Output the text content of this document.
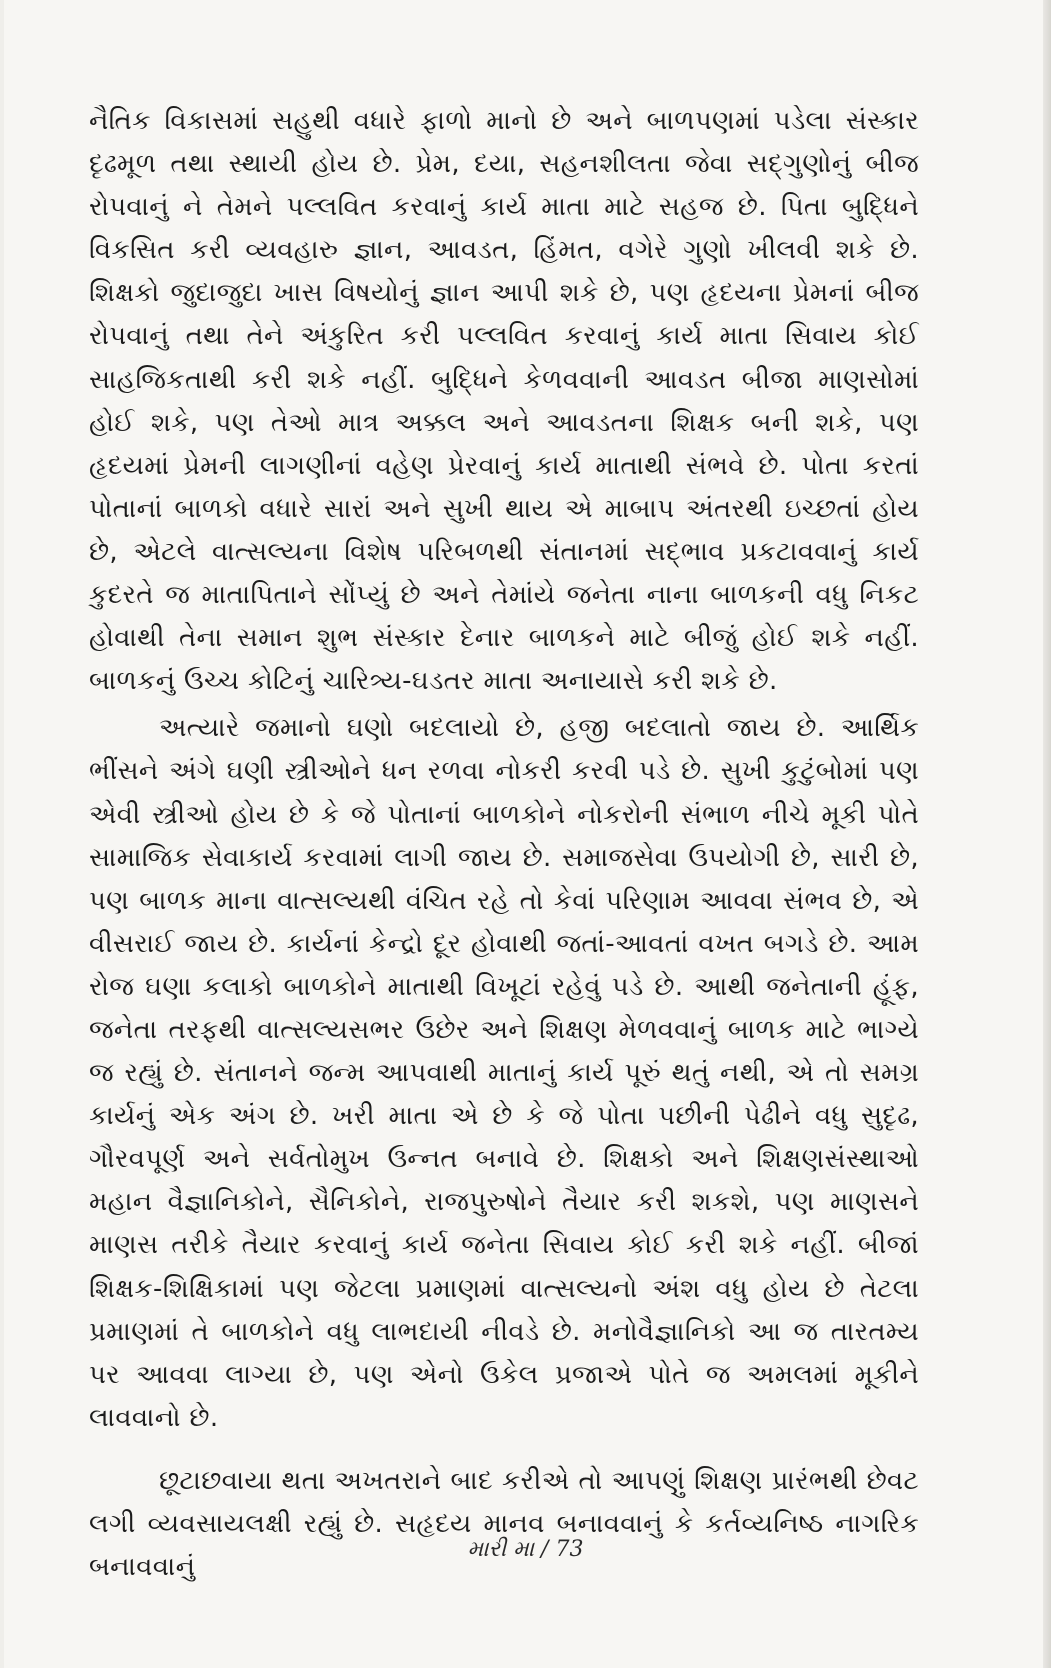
નૈતિક વિકાસમાં સહુથી વધારે ફાળો માનો છે અને બાળપણમાં પડેલા સંસ્કાર દૃઢમૂળ તથા સ્થાયી હોય છે. પ્રેમ, દયા, સહનશીલતા જેવા સદ્‌ગુણોનું બીજ રોપવાનું ને તેમને પલ્લવિત કરવાનું કાર્ય માતા માટે સહજ છે. પિતા બુદ્ધિને વિકસિત કરી વ્યવહારુ જ્ઞાન, આવડત, હિંમત, વગેરે ગુણો ખીલવી શકે છે. શિક્ષકો જુદાજુદા ખાસ વિષયોનું જ્ઞાન આપી શકે છે, પણ હૃદયના પ્રેમનાં બીજ રોપવાનું તથા તેને અંકુરિત કરી પલ્લવિત કરવાનું કાર્ય માતા સિવાય કોઈ સાહજિકતાથી કરી શકે નહીં. બુદ્ધિને કેળવવાની આવડત બીજા માણસોમાં હોઈ શકે, પણ તેઓ માત્ર અક્કલ અને આવડતના શિક્ષક બની શકે, પણ હૃદયમાં પ્રેમની લાગણીનાં વહેણ પ્રેરવાનું કાર્ય માતાથી સંભવે છે. પોતા કરતાં પોતાનાં બાળકો વધારે સારાં અને સુખી થાય એ માબાપ અંતરથી ઇચ્છતાં હોય છે, એટલે વાત્સલ્યના વિશેષ પરિબળથી સંતાનમાં સદ્‌ભાવ પ્રકટાવવાનું કાર્ય કુદરતે જ માતાપિતાને સોંપ્યું છે અને તેમાંયે જનેતા નાના બાળકની વધુ નિકટ હોવાથી તેના સમાન શુભ સંસ્કાર દેનાર બાળકને માટે બીજું હોઈ શકે નહીં. બાળકનું ઉચ્ચ કોટિનું ચારિત્ર્ય-ઘડતર માતા અનાયાસે કરી શકે છે.

અત્યારે જમાનો ઘણો બદલાયો છે, હજી બદલાતો જાય છે. આર્થિક ભીંસને અંગે ઘણી સ્ત્રીઓને ધન રળવા નોકરી કરવી પડે છે. સુખી કુટુંબોમાં પણ એવી સ્ત્રીઓ હોય છે કે જે પોતાનાં બાળકોને નોકરોની સંભાળ નીચે મૂકી પોતે સામાજિક સેવાકાર્ય કરવામાં લાગી જાય છે. સમાજસેવા ઉપયોગી છે, સારી છે, પણ બાળક માના વાત્સલ્યથી વંચિત રહે તો કેવાં પરિણામ આવવા સંભવ છે, એ વીસરાઈ જાય છે. કાર્યનાં કેન્દ્રો દૂર હોવાથી જતાં-આવતાં વખત બગડે છે. આમ રોજ ઘણા કલાકો બાળકોને માતાથી વિખૂટાં રહેવું પડે છે. આથી જનેતાની હૂંફ, જનેતા તરફથી વાત્સલ્યસભર ઉછેર અને શિક્ષણ મેળવવાનું બાળક માટે ભાગ્યે જ રહ્યું છે. સંતાનને જન્મ આપવાથી માતાનું કાર્ય પૂરું થતું નથી, એ તો સમગ્ર કાર્યનું એક અંગ છે. ખરી માતા એ છે કે જે પોતા પછીની પેઢીને વધુ સુદૃઢ, ગૌરવપૂર્ણ અને સર્વતોમુખ ઉન્નત બનાવે છે. શિક્ષકો અને શિક્ષણસંસ્થાઓ મહાન વૈજ્ઞાનિકોને, સૈનિકોને, રાજપુરુષોને તૈયાર કરી શકશે, પણ માણસને માણસ તરીકે તૈયાર કરવાનું કાર્ય જનેતા સિવાય કોઈ કરી શકે નહીં. બીજાં શિક્ષક-શિક્ષિકામાં પણ જેટલા પ્રમાણમાં વાત્સલ્યનો અંશ વધુ હોય છે તેટલા પ્રમાણમાં તે બાળકોને વધુ લાભદાયી નીવડે છે. મનોવૈજ્ઞાનિકો આ જ તારતમ્ય પર આવવા લાગ્યા છે, પણ એનો ઉકેલ પ્રજાએ પોતે જ અમલમાં મૂકીને લાવવાનો છે.

છૂટાછવાયા થતા અખતરાને બાદ કરીએ તો આપણું શિક્ષણ પ્રારંભથી છેવટ લગી વ્યવસાયલક્ષી રહ્યું છે. સહૃદય માનવ બનાવવાનું કે કર્તવ્યનિષ્ઠ નાગરિક બનાવવાનું

મારી મા / 73
